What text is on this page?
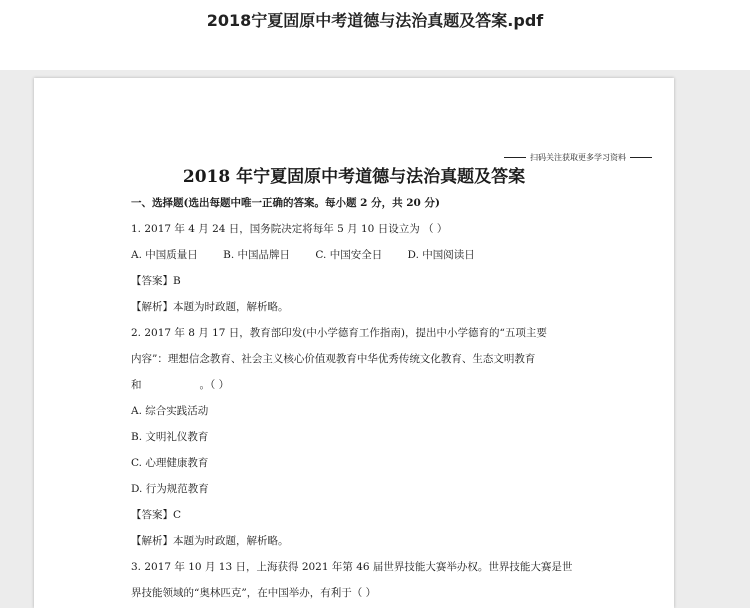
2018宁夏固原中考道德与法治真题及答案.pdf
扫码关注获取更多学习资料
2018 年宁夏固原中考道德与法治真题及答案
一、选择题(选出每题中唯一正确的答案。每小题 2 分，共 20 分)
1. 2017 年 4 月 24 日，国务院决定将每年 5 月 10 日设立为 （ ）
A. 中国质量日 B. 中国品牌日 C. 中国安全日 D. 中国阅读日
【答案】B
【解析】本题为时政题，解析略。
2. 2017 年 8 月 17 日，教育部印发(中小学德育工作指南)，提出中小学德育的“五项主要
内容”：理想信念教育、社会主义核心价值观教育中华优秀传统文化教育、生态文明教育
和	。（ ）
A. 综合实践活动
B. 文明礼仪教育
C. 心理健康教育
D. 行为规范教育
【答案】C
【解析】本题为时政题，解析略。
3. 2017 年 10 月 13 日，上海获得 2021 年第 46 届世界技能大赛举办权。世界技能大赛是世
界技能领域的“奥林匹克”，在中国举办，有利于（ ）
